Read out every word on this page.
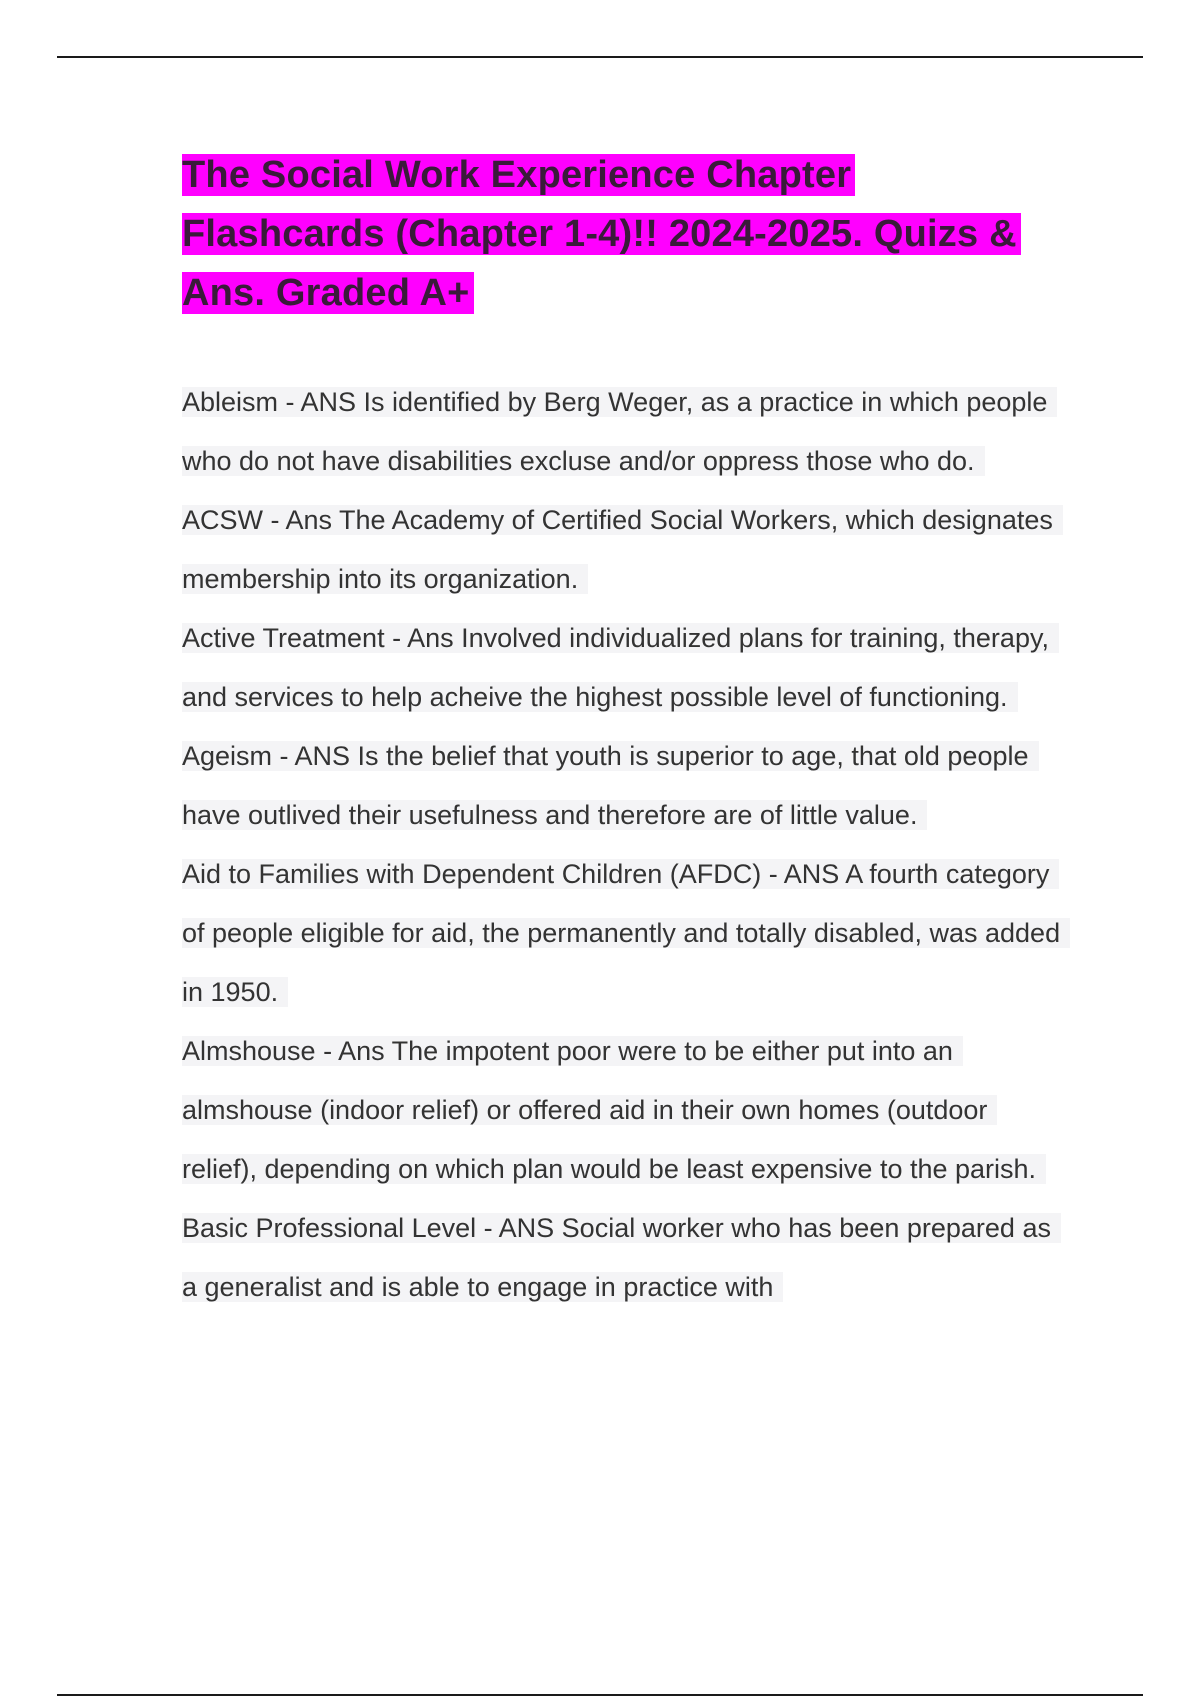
The Social Work Experience Chapter Flashcards (Chapter 1-4)!! 2024-2025. Quizs & Ans. Graded A+

Ableism - ANS Is identified by Berg Weger, as a practice in which people who do not have disabilities excluse and/or oppress those who do.

ACSW - Ans The Academy of Certified Social Workers, which designates membership into its organization.

Active Treatment - Ans Involved individualized plans for training, therapy, and services to help acheive the highest possible level of functioning.

Ageism - ANS Is the belief that youth is superior to age, that old people have outlived their usefulness and therefore are of little value.

Aid to Families with Dependent Children (AFDC) - ANS A fourth category of people eligible for aid, the permanently and totally disabled, was added in 1950.

Almshouse - Ans The impotent poor were to be either put into an almshouse (indoor relief) or offered aid in their own homes (outdoor relief), depending on which plan would be least expensive to the parish.

Basic Professional Level - ANS Social worker who has been prepared as a generalist and is able to engage in practice with
